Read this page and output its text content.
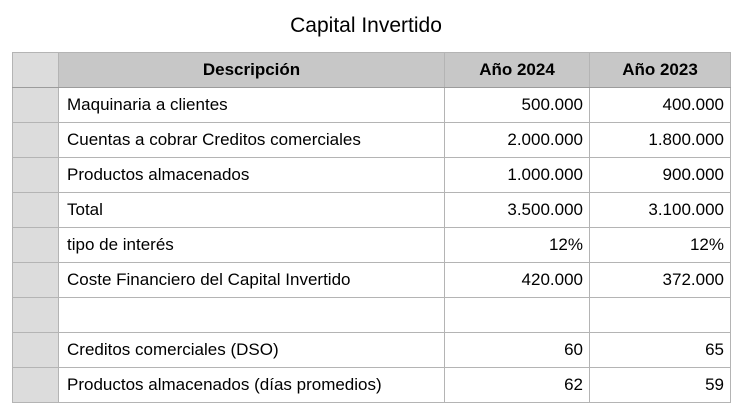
Capital Invertido
	Descripción	Año 2024	Año 2023
	Maquinaria a clientes	500.000	400.000
	Cuentas a cobrar Creditos comerciales	2.000.000	1.800.000
	Productos almacenados	1.000.000	900.000
	Total	3.500.000	3.100.000
	tipo de interés	12%	12%
	Coste Financiero del Capital Invertido	420.000	372.000

	Creditos comerciales (DSO)	60	65
	Productos almacenados (días promedios)	62	59
